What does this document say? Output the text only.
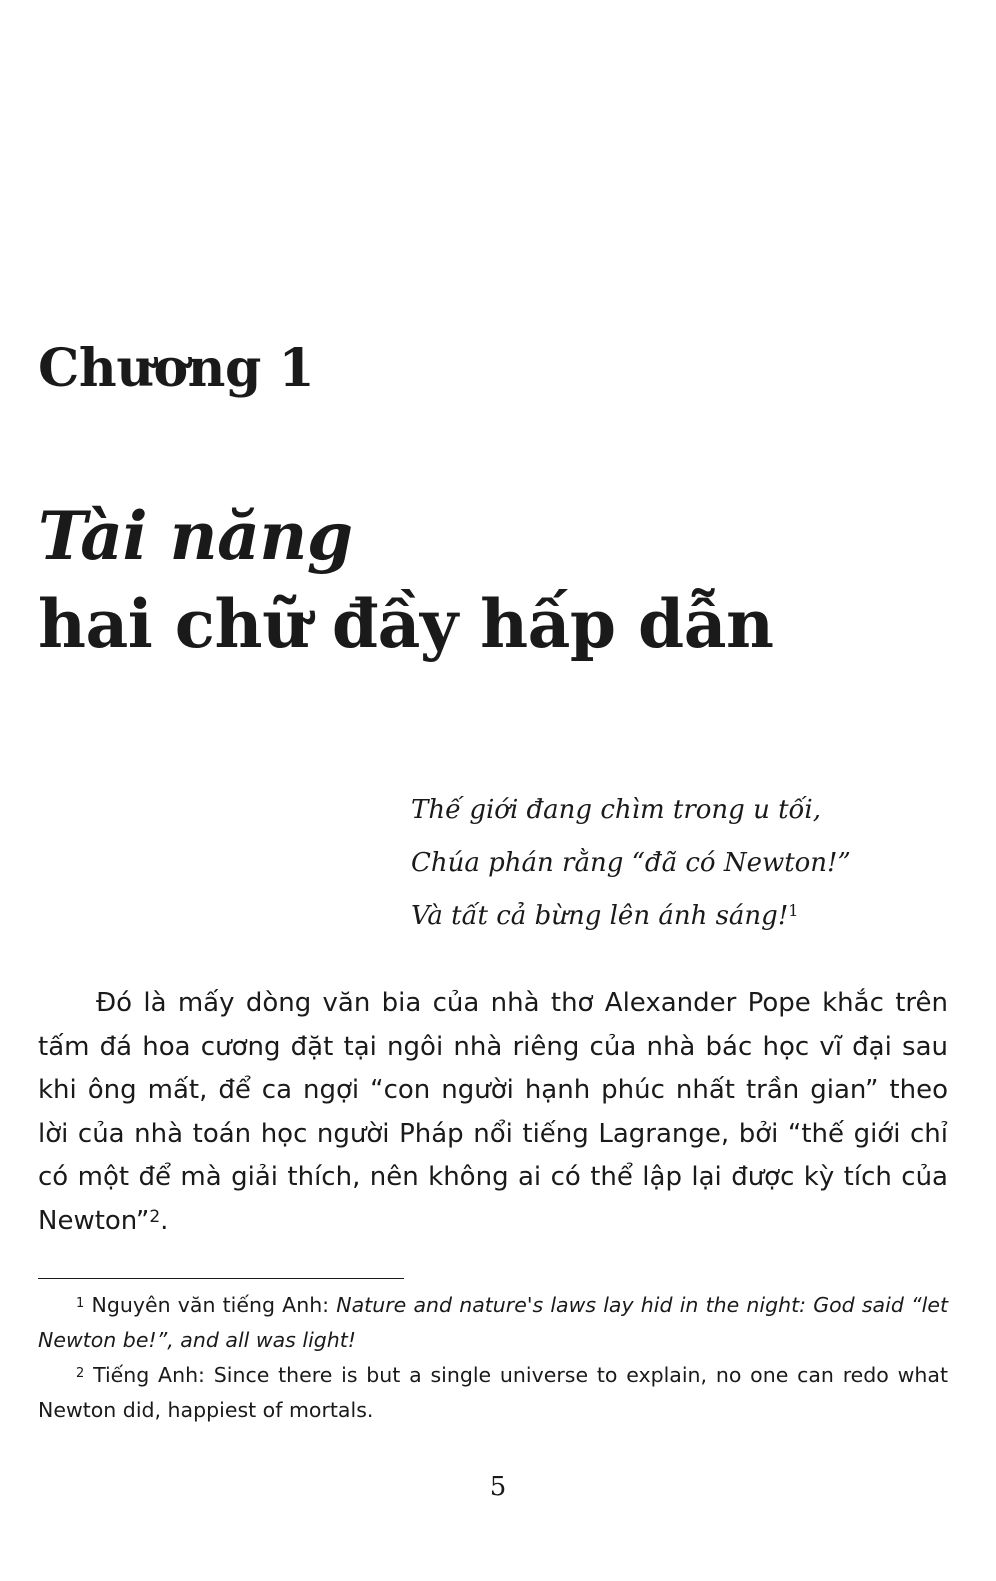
Chương 1
Tài năng
hai chữ đầy hấp dẫn
Thế giới đang chìm trong u tối,
Chúa phán rằng “đã có Newton!”
Và tất cả bừng lên ánh sáng!$^1$

Đó là mấy dòng văn bia của nhà thơ Alexander Pope khắc trên tấm đá hoa cương đặt tại ngôi nhà riêng của nhà bác học vĩ đại sau khi ông mất, để ca ngợi “con người hạnh phúc nhất trần gian” theo lời của nhà toán học người Pháp nổi tiếng Lagrange, bởi “thế giới chỉ có một để mà giải thích, nên không ai có thể lập lại được kỳ tích của Newton”$^2$.

$^1$ Nguyên văn tiếng Anh: Nature and nature's laws lay hid in the night: God said “let Newton be!”, and all was light!

$^2$ Tiếng Anh: Since there is but a single universe to explain, no one can redo what Newton did, happiest of mortals.

5
